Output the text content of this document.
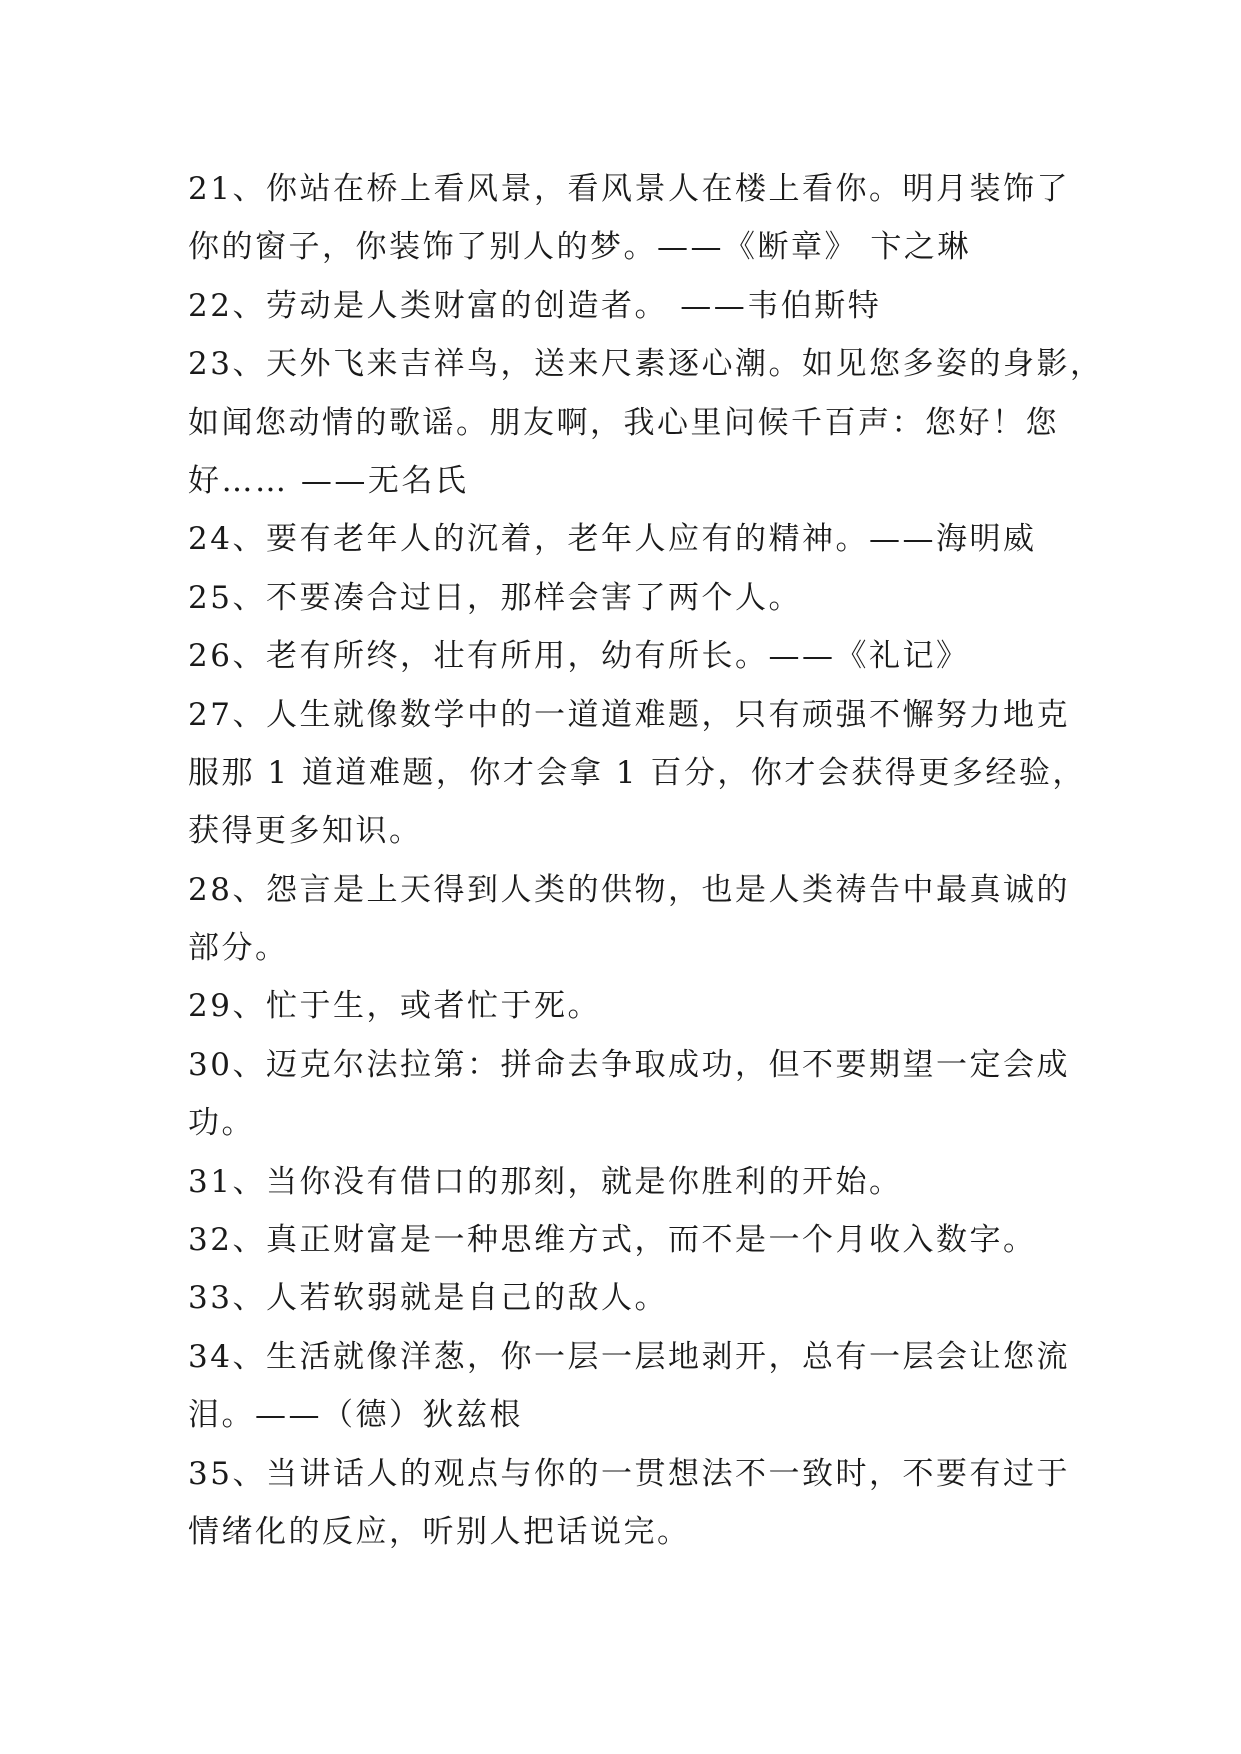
21、你站在桥上看风景，看风景人在楼上看你。明月装饰了
你的窗子，你装饰了别人的梦。——《断章》 卞之琳
22、劳动是人类财富的创造者。 ——韦伯斯特
23、天外飞来吉祥鸟，送来尺素逐心潮。如见您多姿的身影，
如闻您动情的歌谣。朋友啊，我心里问候千百声：您好！您
好…… ——无名氏
24、要有老年人的沉着，老年人应有的精神。——海明威
25、不要凑合过日，那样会害了两个人。
26、老有所终，壮有所用，幼有所长。——《礼记》
27、人生就像数学中的一道道难题，只有顽强不懈努力地克
服那 1 道道难题，你才会拿 1 百分，你才会获得更多经验，
获得更多知识。
28、怨言是上天得到人类的供物，也是人类祷告中最真诚的
部分。
29、忙于生，或者忙于死。
30、迈克尔法拉第：拼命去争取成功，但不要期望一定会成
功。
31、当你没有借口的那刻，就是你胜利的开始。
32、真正财富是一种思维方式，而不是一个月收入数字。
33、人若软弱就是自己的敌人。
34、生活就像洋葱，你一层一层地剥开，总有一层会让您流
泪。——（德）狄兹根
35、当讲话人的观点与你的一贯想法不一致时，不要有过于
情绪化的反应，听别人把话说完。
